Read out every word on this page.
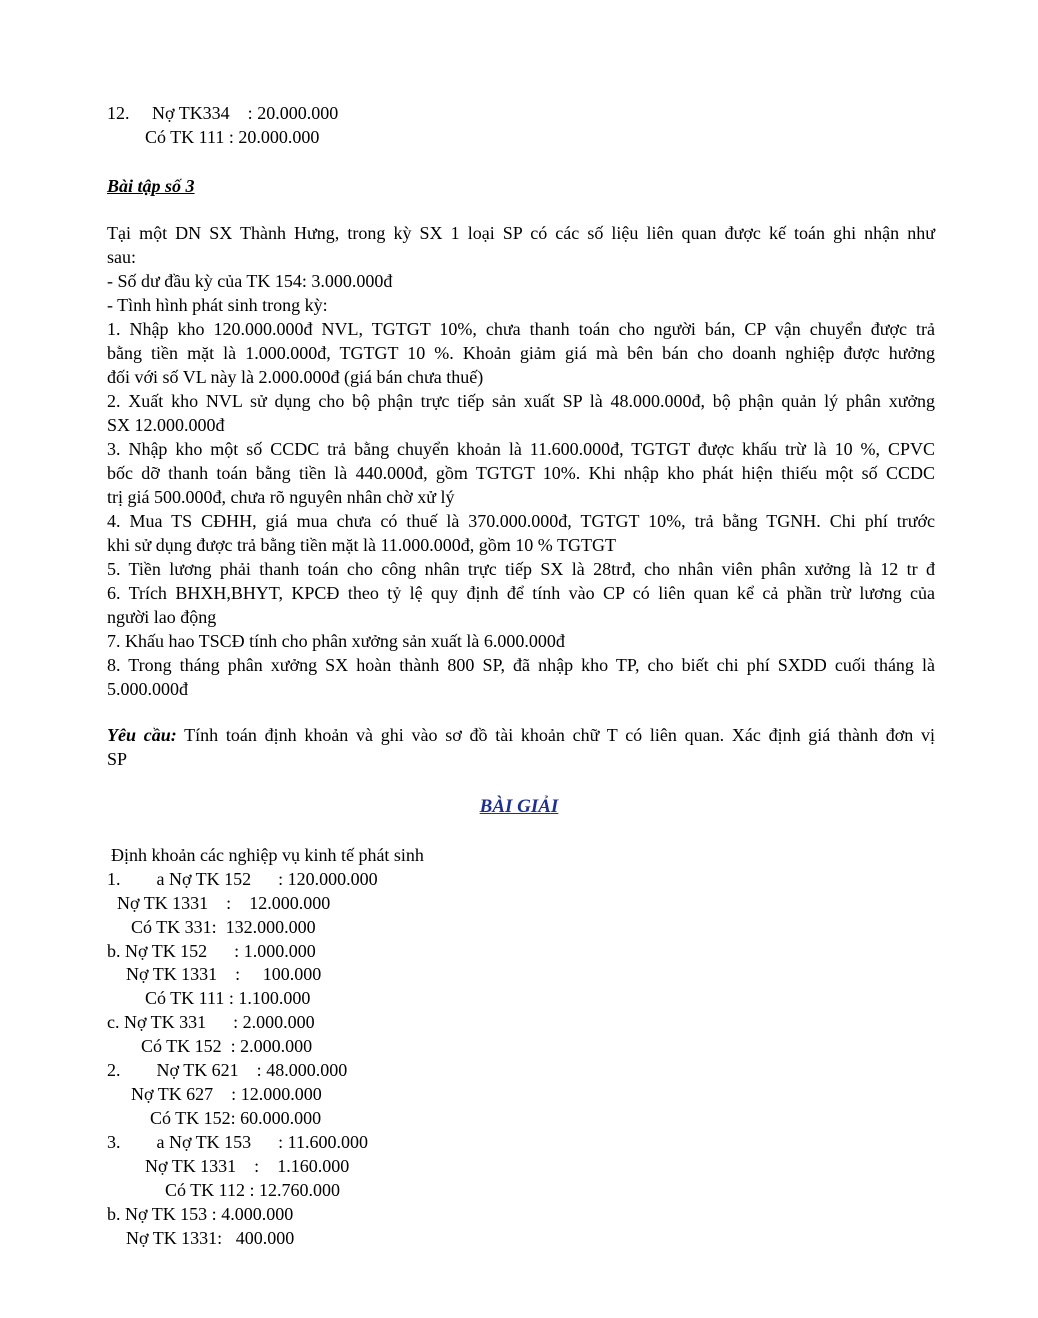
12.     Nợ TK334    : 20.000.000
Có TK 111 : 20.000.000
Bài tập số 3
Tại một DN SX Thành Hưng, trong kỳ SX 1 loại SP có các số liệu liên quan được kế toán ghi nhận như
sau:
- Số dư đầu kỳ của TK 154: 3.000.000đ
- Tình hình phát sinh trong kỳ:
1. Nhập kho 120.000.000đ NVL, TGTGT 10%, chưa thanh toán cho người bán, CP vận chuyển được trả
bằng tiền mặt là 1.000.000đ, TGTGT 10 %. Khoản giảm giá mà bên bán cho doanh nghiệp được hưởng
đối với số VL này là 2.000.000đ (giá bán chưa thuế)
2. Xuất kho NVL sử dụng cho bộ phận trực tiếp sản xuất SP là 48.000.000đ, bộ phận quản lý phân xưởng
SX 12.000.000đ
3. Nhập kho một số CCDC trả bằng chuyển khoản là 11.600.000đ, TGTGT được khấu trừ là 10 %, CPVC
bốc dỡ thanh toán bằng tiền là 440.000đ, gồm TGTGT 10%. Khi nhập kho phát hiện thiếu một số CCDC
trị giá 500.000đ, chưa rõ nguyên nhân chờ xử lý
4. Mua TS CĐHH, giá mua chưa có thuế là 370.000.000đ, TGTGT 10%, trả bằng TGNH. Chi phí trước
khi sử dụng được trả bằng tiền mặt là 11.000.000đ, gồm 10 % TGTGT
5. Tiền lương phải thanh toán cho công nhân trực tiếp SX là 28trđ, cho nhân viên phân xưởng là 12 tr đ
6. Trích BHXH,BHYT, KPCĐ theo tỷ lệ quy định để tính vào CP có liên quan kể cả phần trừ lương của
người lao động
7. Khấu hao TSCĐ tính cho phân xưởng sản xuất là 6.000.000đ
8. Trong tháng phân xưởng SX hoàn thành 800 SP, đã nhập kho TP, cho biết chi phí SXDD cuối tháng là
5.000.000đ
Yêu cầu: Tính toán định khoản và ghi vào sơ đồ tài khoản chữ T có liên quan. Xác định giá thành đơn vị
SP
BÀI GIẢI
Định khoản các nghiệp vụ kinh tế phát sinh
1.        a Nợ TK 152      : 120.000.000
Nợ TK 1331    :    12.000.000
Có TK 331:  132.000.000
b. Nợ TK 152      : 1.000.000
Nợ TK 1331    :     100.000
Có TK 111 : 1.100.000
c. Nợ TK 331      : 2.000.000
Có TK 152  : 2.000.000
2.        Nợ TK 621    : 48.000.000
Nợ TK 627    : 12.000.000
Có TK 152: 60.000.000
3.        a Nợ TK 153      : 11.600.000
Nợ TK 1331    :    1.160.000
Có TK 112 : 12.760.000
b. Nợ TK 153 : 4.000.000
Nợ TK 1331:   400.000
